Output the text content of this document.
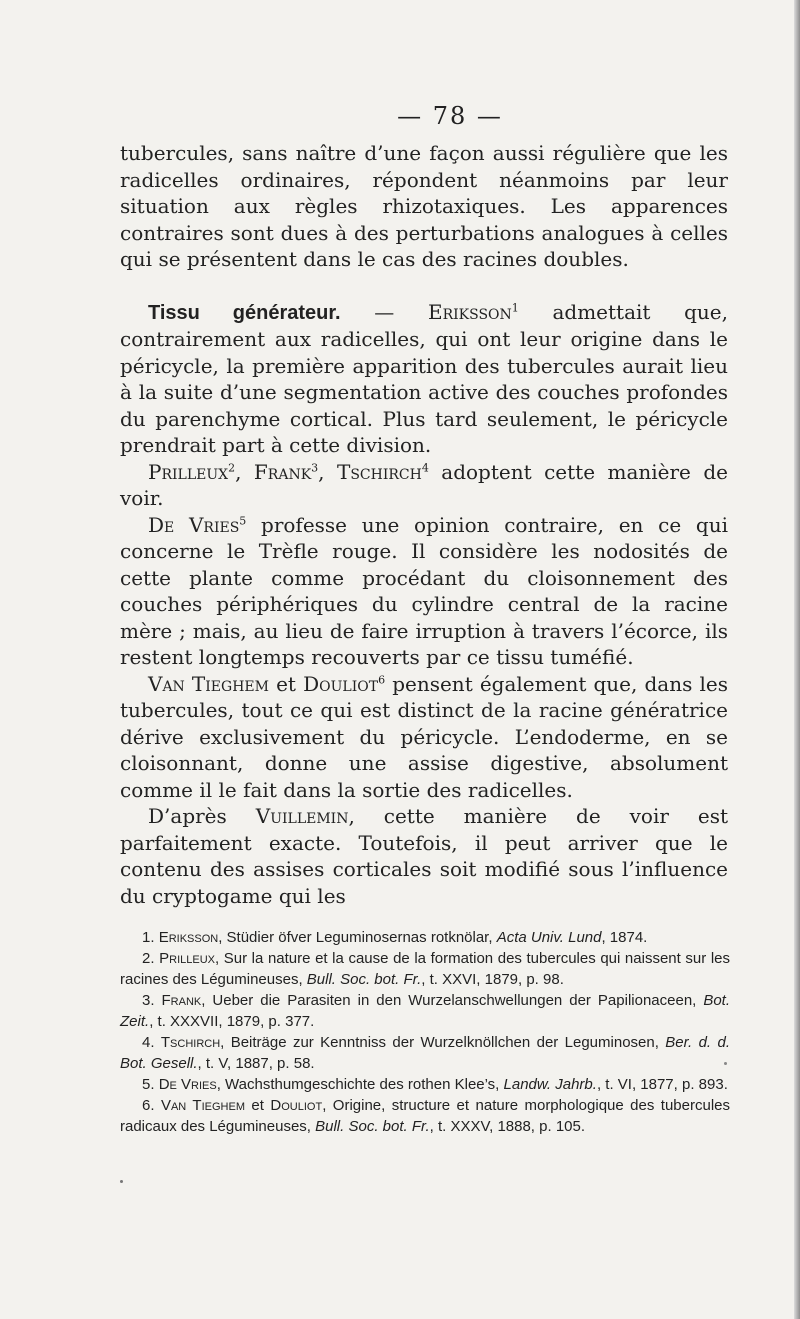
— 78 —

tubercules, sans naître d’une façon aussi régulière que les radicelles ordinaires, répondent néanmoins par leur situation aux règles rhizotaxiques. Les apparences contraires sont dues à des perturbations analogues à celles qui se présentent dans le cas des racines doubles.

Tissu générateur. — Eriksson$^1$ admettait que, contrairement aux radicelles, qui ont leur origine dans le péricycle, la première apparition des tubercules aurait lieu à la suite d’une segmentation active des couches profondes du parenchyme cortical. Plus tard seulement, le péricycle prendrait part à cette division.

Prilleux$^2$, Frank$^3$, Tschirch$^4$ adoptent cette manière de voir.

De Vries$^5$ professe une opinion contraire, en ce qui concerne le Trèfle rouge. Il considère les nodosités de cette plante comme procédant du cloisonnement des couches périphériques du cylindre central de la racine mère ; mais, au lieu de faire irruption à travers l’écorce, ils restent longtemps recouverts par ce tissu tuméfié.

Van Tieghem et Douliot$^6$ pensent également que, dans les tubercules, tout ce qui est distinct de la racine génératrice dérive exclusivement du péricycle. L’endoderme, en se cloisonnant, donne une assise digestive, absolument comme il le fait dans la sortie des radicelles.

D’après Vuillemin, cette manière de voir est parfaitement exacte. Toutefois, il peut arriver que le contenu des assises corticales soit modifié sous l’influence du cryptogame qui les

1. Eriksson, Stüdier öfver Leguminosernas rotknölar, Acta Univ. Lund, 1874.

2. Prilleux, Sur la nature et la cause de la formation des tubercules qui naissent sur les racines des Légumineuses, Bull. Soc. bot. Fr., t. XXVI, 1879, p. 98.

3. Frank, Ueber die Parasiten in den Wurzelanschwellungen der Papilionaceen, Bot. Zeit., t. XXXVII, 1879, p. 377.

4. Tschirch, Beiträge zur Kenntniss der Wurzelknöllchen der Leguminosen, Ber. d. d. Bot. Gesell., t. V, 1887, p. 58.

5. De Vries, Wachsthumgeschichte des rothen Klee’s, Landw. Jahrb., t. VI, 1877, p. 893.

6. Van Tieghem et Douliot, Origine, structure et nature morphologique des tubercules radicaux des Légumineuses, Bull. Soc. bot. Fr., t. XXXV, 1888, p. 105.
